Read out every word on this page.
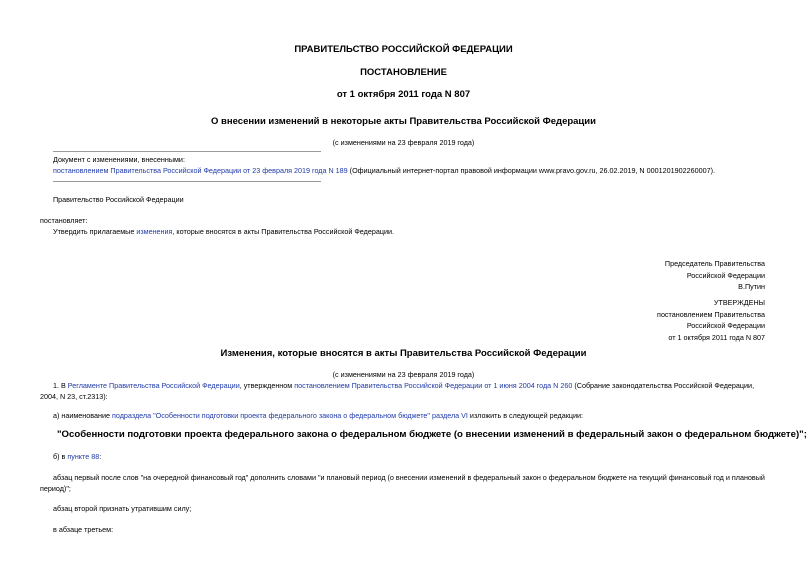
ПРАВИТЕЛЬСТВО РОССИЙСКОЙ ФЕДЕРАЦИИ
ПОСТАНОВЛЕНИЕ
от 1 октября 2011 года N 807
О внесении изменений в некоторые акты Правительства Российской Федерации
(с изменениями на 23 февраля 2019 года)
Документ с изменениями, внесенными:
постановлением Правительства Российской Федерации от 23 февраля 2019 года N 189 (Официальный интернет-портал правовой информации www.pravo.gov.ru, 26.02.2019, N 0001201902260007).
Правительство Российской Федерации
постановляет:
Утвердить прилагаемые изменения, которые вносятся в акты Правительства Российской Федерации.
Председатель Правительства
Российской Федерации
В.Путин
УТВЕРЖДЕНЫ
постановлением Правительства
Российской Федерации
от 1 октября 2011 года N 807
Изменения, которые вносятся в акты Правительства Российской Федерации
(с изменениями на 23 февраля 2019 года)
1. В Регламенте Правительства Российской Федерации, утвержденном постановлением Правительства Российской Федерации от 1 июня 2004 года N 260 (Собрание законодательства Российской Федерации,
2004, N 23, ст.2313):
а) наименование подраздела "Особенности подготовки проекта федерального закона о федеральном бюджете" раздела VI изложить в следующей редакции:
"Особенности подготовки проекта федерального закона о федеральном бюджете (о внесении изменений в федеральный закон о федеральном бюджете)";
б) в пункте 88:
абзац первый после слов "на очередной финансовый год" дополнить словами "и плановый период (о внесении изменений в федеральный закон о федеральном бюджете на текущий финансовый год и плановый
период)";
абзац второй признать утратившим силу;
в абзаце третьем:
